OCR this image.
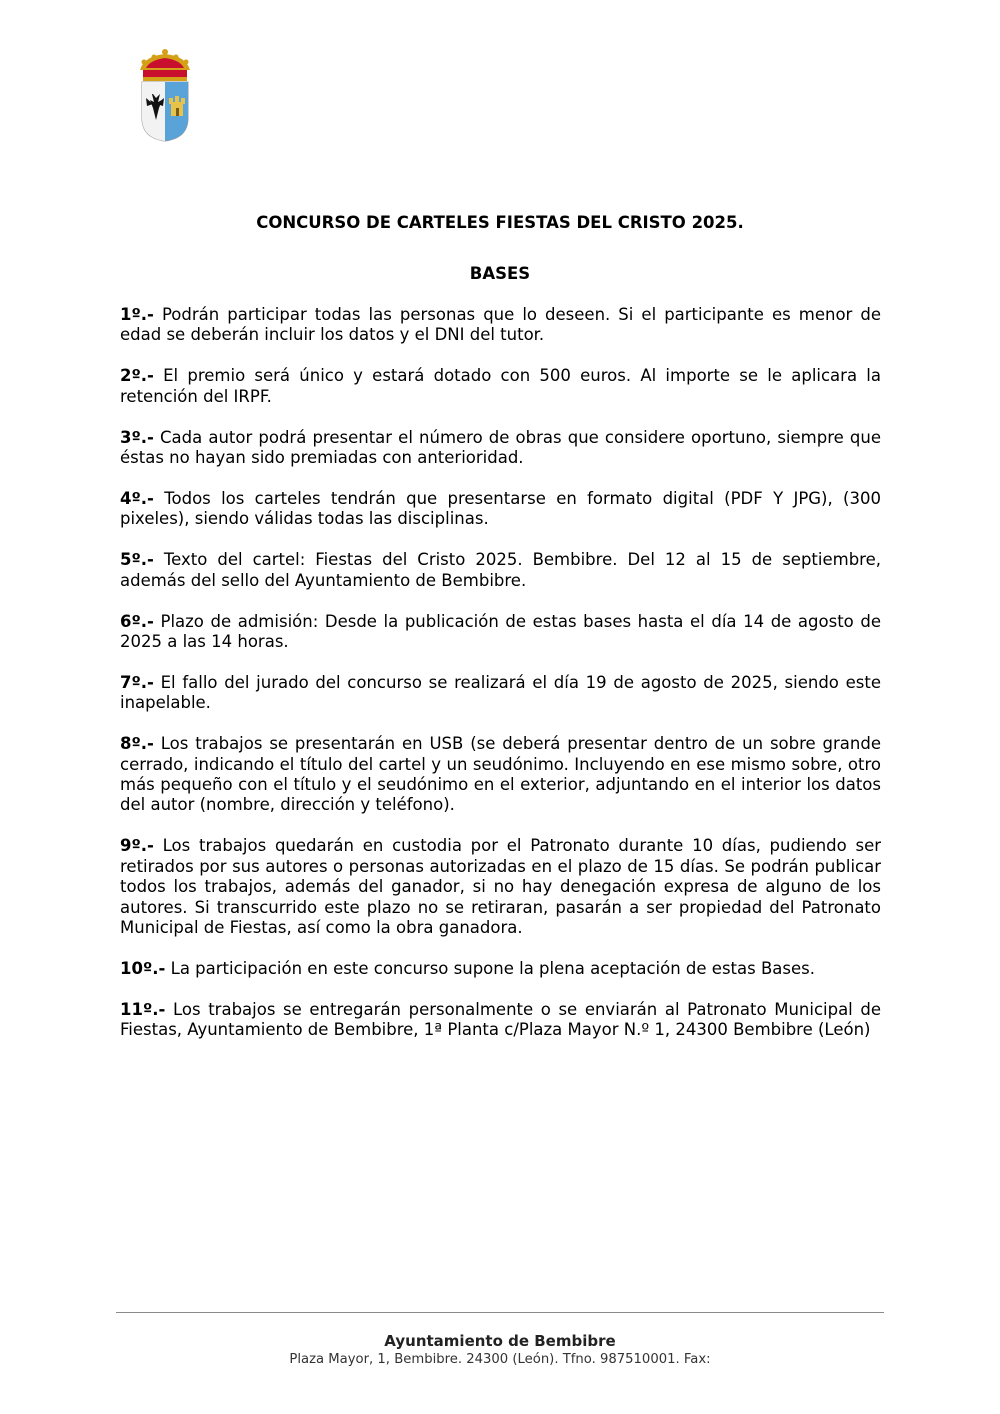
CONCURSO DE CARTELES FIESTAS DEL CRISTO 2025.
BASES

1º.- Podrán participar todas las personas que lo deseen. Si el participante es menor de edad se deberán incluir los datos y el DNI del tutor.

2º.- El premio será único y estará dotado con 500 euros. Al importe se le aplicara la retención del IRPF.

3º.- Cada autor podrá presentar el número de obras que considere oportuno, siempre que éstas no hayan sido premiadas con anterioridad.

4º.- Todos los carteles tendrán que presentarse en formato digital (PDF Y JPG), (300 pixeles), siendo válidas todas las disciplinas.

5º.- Texto del cartel: Fiestas del Cristo 2025. Bembibre. Del 12 al 15 de septiembre, además del sello del Ayuntamiento de Bembibre.

6º.- Plazo de admisión: Desde la publicación de estas bases hasta el día 14 de agosto de 2025 a las 14 horas.

7º.- El fallo del jurado del concurso se realizará el día 19 de agosto de 2025, siendo este inapelable.

8º.- Los trabajos se presentarán en USB (se deberá presentar dentro de un sobre grande cerrado, indicando el título del cartel y un seudónimo. Incluyendo en ese mismo sobre, otro más pequeño con el título y el seudónimo en el exterior, adjuntando en el interior los datos del autor (nombre, dirección y teléfono).

9º.- Los trabajos quedarán en custodia por el Patronato durante 10 días, pudiendo ser retirados por sus autores o personas autorizadas en el plazo de 15 días. Se podrán publicar todos los trabajos, además del ganador, si no hay denegación expresa de alguno de los autores. Si transcurrido este plazo no se retiraran, pasarán a ser propiedad del Patronato Municipal de Fiestas, así como la obra ganadora.

10º.- La participación en este concurso supone la plena aceptación de estas Bases.

11º.- Los trabajos se entregarán personalmente o se enviarán al Patronato Municipal de Fiestas, Ayuntamiento de Bembibre, 1ª Planta c/Plaza Mayor N.º 1, 24300 Bembibre (León)

Ayuntamiento de Bembibre
Plaza Mayor, 1, Bembibre. 24300 (León). Tfno. 987510001. Fax:
